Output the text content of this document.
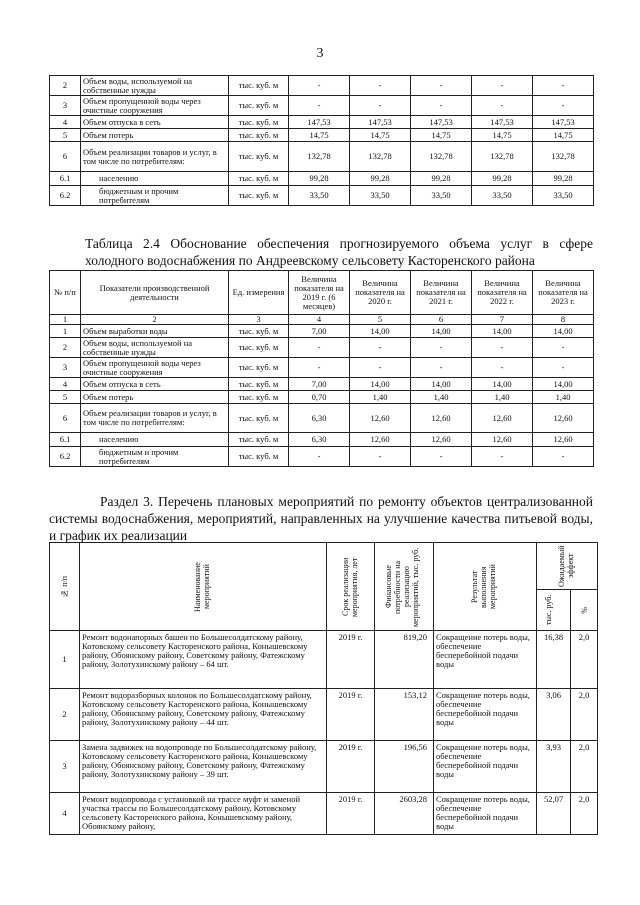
3
2	Объем воды, используемой на собственные нужды	тыс. куб. м	-	-	-	-	-
3	Объем пропущенной воды через очистные сооружения	тыс. куб. м	-	-	-	-	-
4	Объем отпуска в сеть	тыс. куб. м	147,53	147,53	147,53	147,53	147,53
5	Объем потерь	тыс. куб. м	14,75	14,75	14,75	14,75	14,75
6	Объем реализации товаров и услуг, в том числе по потребителям:	тыс. куб. м	132,78	132,78	132,78	132,78	132,78
6.1	населению	тыс. куб. м	99,28	99,28	99,28	99,28	99,28
6.2	бюджетным и прочим потребителям	тыс. куб. м	33,50	33,50	33,50	33,50	33,50
Таблица 2.4 Обоснование обеспечения прогнозируемого объема услуг в сфере холодного водоснабжения по Андреевскому сельсовету Касторенского района
№ п/п	Показатели производственной деятельности	Ед. измерения	Величина показателя на 2019 г. (6 месяцев)	Величина показателя на 2020 г.	Величина показателя на 2021 г.	Величина показателя на 2022 г.	Величина показателя на 2023 г.
1	2	3	4	5	6	7	8
1	Объем выработки воды	тыс. куб. м	7,00	14,00	14,00	14,00	14,00
2	Объем воды, используемой на собственные нужды	тыс. куб. м	-	-	-	-	-
3	Объем пропущенной воды через очистные сооружения	тыс. куб. м	-	-	-	-	-
4	Объем отпуска в сеть	тыс. куб. м	7,00	14,00	14,00	14,00	14,00
5	Объем потерь	тыс. куб. м	0,70	1,40	1,40	1,40	1,40
6	Объем реализации товаров и услуг, в том числе по потребителям:	тыс. куб. м	6,30	12,60	12,60	12,60	12,60
6.1	населению	тыс. куб. м	6,30	12,60	12,60	12,60	12,60
6.2	бюджетным и прочим потребителям	тыс. куб. м	-	-	-	-	-
Раздел 3. Перечень плановых мероприятий по ремонту объектов централизованной системы водоснабжения, мероприятий, направленных на улучшение качества питьевой воды, и график их реализации
№ п/п	Наименование мероприятий	Срок реализации мероприятия, лет	Финансовые потребности на реализацию мероприятий, тыс. руб.	Результат выполнения мероприятий	Ожидаемый эффект	

					тыс. руб.	%

1	Ремонт водонапорных башен по Большесолдатскому району, Котовскому сельсовету Касторенского района, Конышевскому району, Обоянскому району, Советскому району, Фатежскому району, Золотухинскому району – 64 шт.	2019 г.	819,20	Сокращение потерь воды, обеспечение бесперебойной подачи воды	16,38	2,0
2	Ремонт водоразборных колонок по Большесолдатскому району, Котовскому сельсовету Касторенского района, Конышевскому району, Обоянскому району, Советскому району, Фатежскому району, Золотухинскому району – 44 шт.	2019 г.	153,12	Сокращение потерь воды, обеспечение бесперебойной подачи воды	3,06	2,0
3	Замена задвижек на водопроводе по Большесолдатскому району, Котовскому сельсовету Касторенского района, Конышевскому району, Обоянскому району, Советскому району, Фатежскому району, Золотухинскому району – 39 шт.	2019 г.	196,56	Сокращение потерь воды, обеспечение бесперебойной подачи воды	3,93	2,0
4	Ремонт водопровода с установкой на трассе муфт и заменой участка трассы по Большесолдатскому району, Котовскому сельсовету Касторенского района, Конышевскому району, Обоянскому району,	2019 г.	2603,28	Сокращение потерь воды, обеспечение бесперебойной подачи воды	52,07	2,0
